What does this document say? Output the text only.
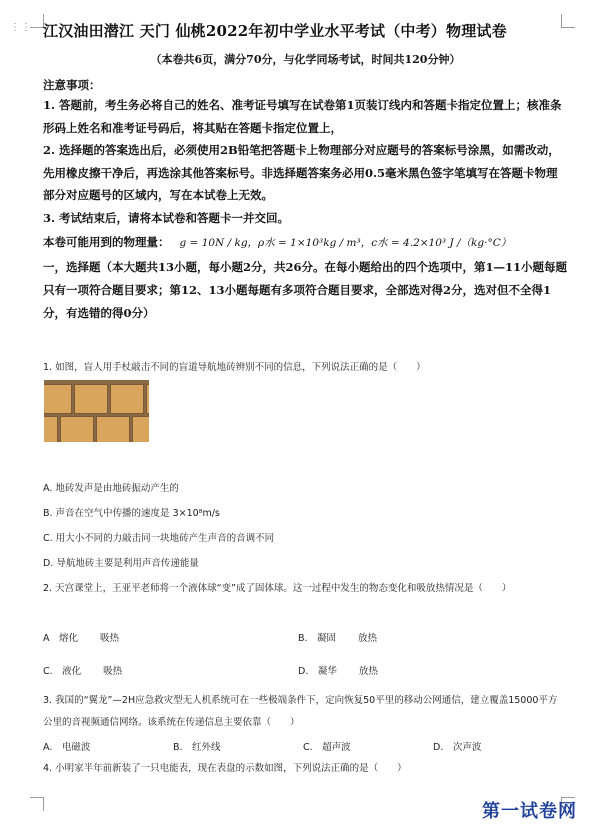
⋮⋮ 江汉油田潜江 天门 仙桃2022年初中学业水平考试（中考）物理试卷
（本卷共6页，满分70分，与化学同场考试，时间共120分钟）
注意事项：
1. 答题前，考生务必将自己的姓名、准考证号填写在试卷第1页装订线内和答题卡指定位置上；核准条形码上姓名和准考证号码后，将其贴在答题卡指定位置上，
2. 选择题的答案选出后，必须使用2B铅笔把答题卡上物理部分对应题号的答案标号涂黑，如需改动，先用橡皮擦干净后，再选涂其他答案标号。非选择题答案务必用0.5毫米黑色签字笔填写在答题卡物理部分对应题号的区域内，写在本试卷上无效。
3. 考试结束后，请将本试卷和答题卡一并交回。
本卷可能用到的物理量： g = 10N / kg，ρ水 = 1×10³kg / m³，c水 = 4.2×10³ J /（kg·°C）
一，选择题（本大题共13小题，每小题2分，共26分。在每小题给出的四个选项中，第1—11小题每题只有一项符合题目要求；第12、13小题每题有多项符合题目要求，全部选对得2分，选对但不全得1分，有选错的得0分）
1. 如图，盲人用手杖敲击不同的盲道导航地砖辨别不同的信息，下列说法正确的是（　　）
A. 地砖发声是由地砖振动产生的
B. 声音在空气中传播的速度是 3×10⁸m/s
C. 用大小不同的力敲击同一块地砖产生声音的音调不同
D. 导航地砖主要是利用声音传递能量
2. 天宫课堂上，王亚平老师将一个液体球“变”成了固体球。这一过程中发生的物态变化和吸放热情况是（　　）
A　熔化 吸热	B.　凝固 放热
C.　液化 吸热	D.　凝华 放热
3. 我国的“翼龙”—2H应急救灾型无人机系统可在一些极端条件下，定向恢复50平里的移动公网通信，建立覆盖15000平方公里的音视频通信网络。该系统在传递信息主要依靠（　　）
A.　电磁波	B.　红外线	C.　超声波	D.　次声波
4. 小明家半年前新装了一只电能表，现在表盘的示数如图，下列说法正确的是（　　）
第一试卷网
